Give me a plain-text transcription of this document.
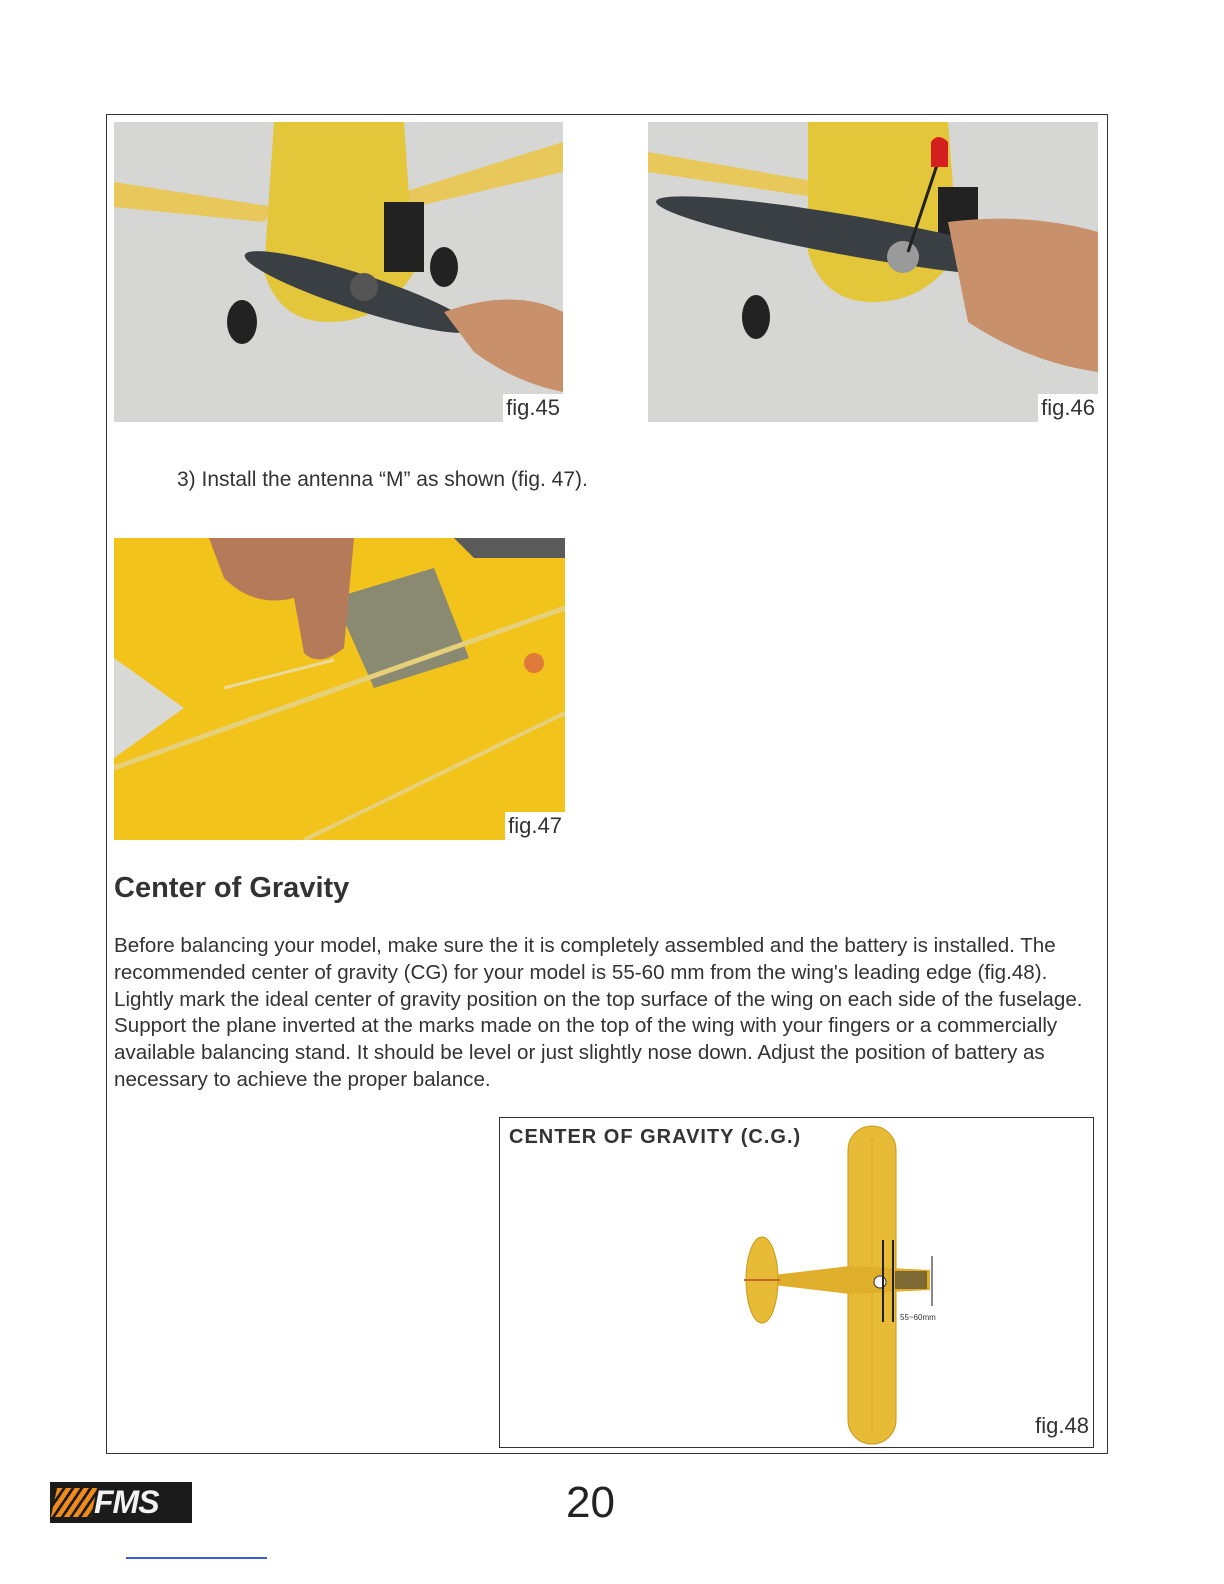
fig.45	fig.46
3) Install the antenna “M” as shown (fig. 47).
fig.47
Center of Gravity
Before balancing your model, make sure the it is completely assembled and the battery is installed. The recommended center of gravity (CG) for your model is 55-60 mm from the wing's leading edge (fig.48). Lightly mark the ideal center of gravity position on the top surface of the wing on each side of the fuselage. Support the plane inverted at the marks made on the top of the wing with your fingers or a commercially available balancing stand. It should be level or just slightly nose down. Adjust the position of battery as necessary to achieve the proper balance.
CENTER OF GRAVITY (C.G.)
55~60mm
fig.48
FMS	20
